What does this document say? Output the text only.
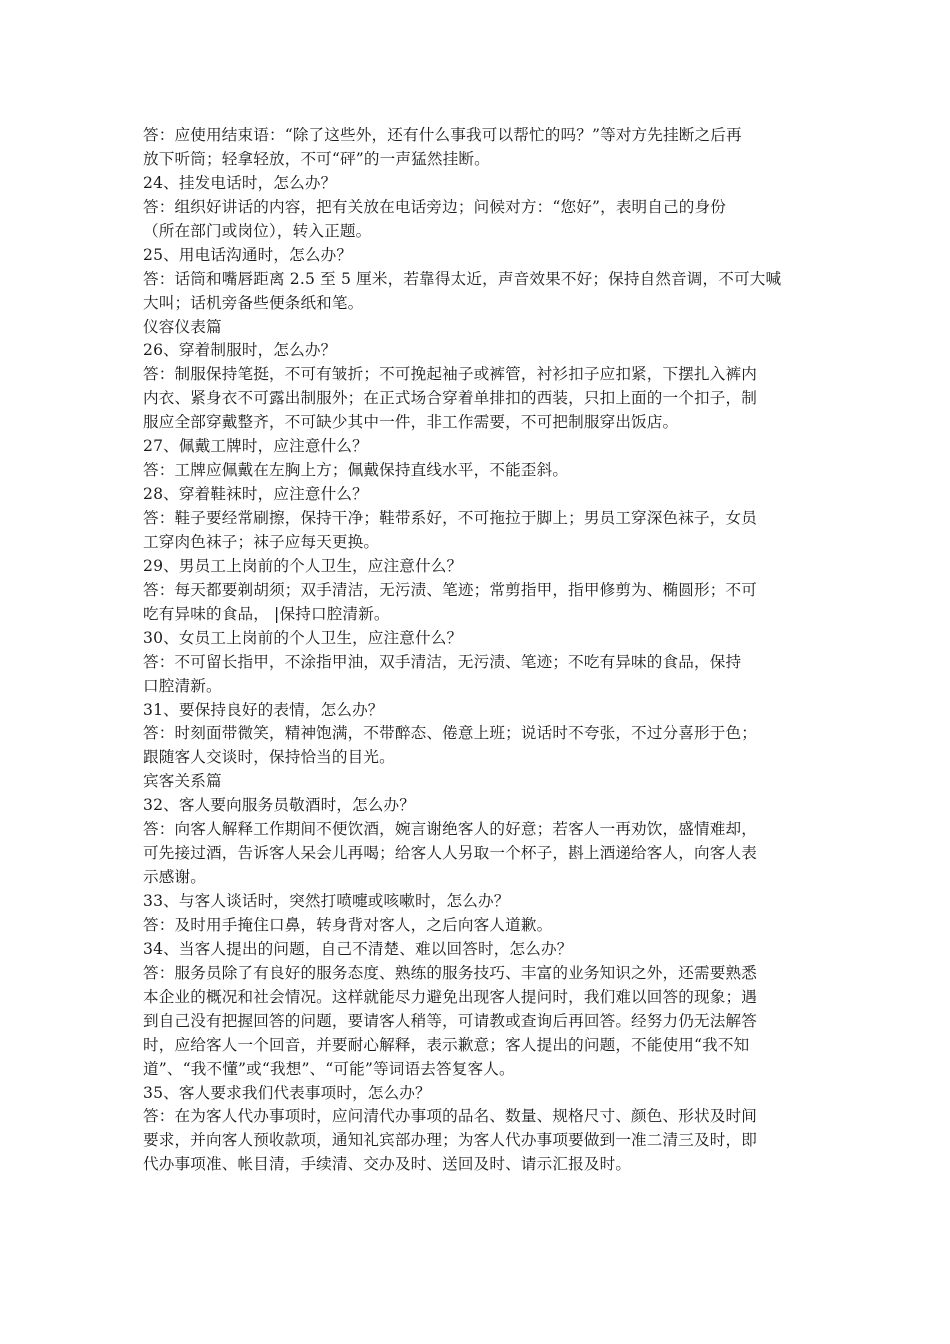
答：应使用结束语：“除了这些外，还有什么事我可以帮忙的吗？”等对方先挂断之后再
放下听筒；轻拿轻放，不可“砰”的一声猛然挂断。
24、挂发电话时，怎么办？
答：组织好讲话的内容，把有关放在电话旁边；问候对方：“您好”，表明自己的身份
（所在部门或岗位），转入正题。
25、用电话沟通时，怎么办？
答：话筒和嘴唇距离 2.5 至 5 厘米，若靠得太近，声音效果不好；保持自然音调，不可大喊
大叫；话机旁备些便条纸和笔。
仪容仪表篇
26、穿着制服时，怎么办？
答：制服保持笔挺，不可有皱折；不可挽起袖子或裤管，衬衫扣子应扣紧，下摆扎入裤内
内衣、紧身衣不可露出制服外；在正式场合穿着单排扣的西装，只扣上面的一个扣子，制
服应全部穿戴整齐，不可缺少其中一件，非工作需要，不可把制服穿出饭店。
27、佩戴工牌时，应注意什么？
答：工牌应佩戴在左胸上方；佩戴保持直线水平，不能歪斜。
28、穿着鞋袜时，应注意什么？
答：鞋子要经常刷擦，保持干净；鞋带系好，不可拖拉于脚上；男员工穿深色袜子，女员
工穿肉色袜子；袜子应每天更换。
29、男员工上岗前的个人卫生，应注意什么？
答：每天都要剃胡须；双手清洁，无污渍、笔迹；常剪指甲，指甲修剪为、椭圆形；不可
吃有异味的食品， |保持口腔清新。
30、女员工上岗前的个人卫生，应注意什么？
答：不可留长指甲，不涂指甲油，双手清洁，无污渍、笔迹；不吃有异味的食品，保持
口腔清新。
31、要保持良好的表情，怎么办？
答：时刻面带微笑，精神饱满，不带醉态、倦意上班；说话时不夸张，不过分喜形于色；
跟随客人交谈时，保持恰当的目光。
宾客关系篇
32、客人要向服务员敬酒时，怎么办？
答：向客人解释工作期间不便饮酒，婉言谢绝客人的好意；若客人一再劝饮，盛情难却，
可先接过酒，告诉客人呆会儿再喝；给客人人另取一个杯子，斟上酒递给客人，向客人表
示感谢。
33、与客人谈话时，突然打喷嚏或咳嗽时，怎么办？
答：及时用手掩住口鼻，转身背对客人，之后向客人道歉。
34、当客人提出的问题，自己不清楚、难以回答时，怎么办？
答：服务员除了有良好的服务态度、熟练的服务技巧、丰富的业务知识之外，还需要熟悉
本企业的概况和社会情况。这样就能尽力避免出现客人提问时，我们难以回答的现象；遇
到自己没有把握回答的问题，要请客人稍等，可请教或查询后再回答。经努力仍无法解答
时，应给客人一个回音，并要耐心解释，表示歉意；客人提出的问题，不能使用“我不知
道”、“我不懂”或“我想”、“可能”等词语去答复客人。
35、客人要求我们代表事项时，怎么办？
答：在为客人代办事项时，应问清代办事项的品名、数量、规格尺寸、颜色、形状及时间
要求，并向客人预收款项，通知礼宾部办理；为客人代办事项要做到一准二清三及时，即
代办事项准、帐目清，手续清、交办及时、送回及时、请示汇报及时。
